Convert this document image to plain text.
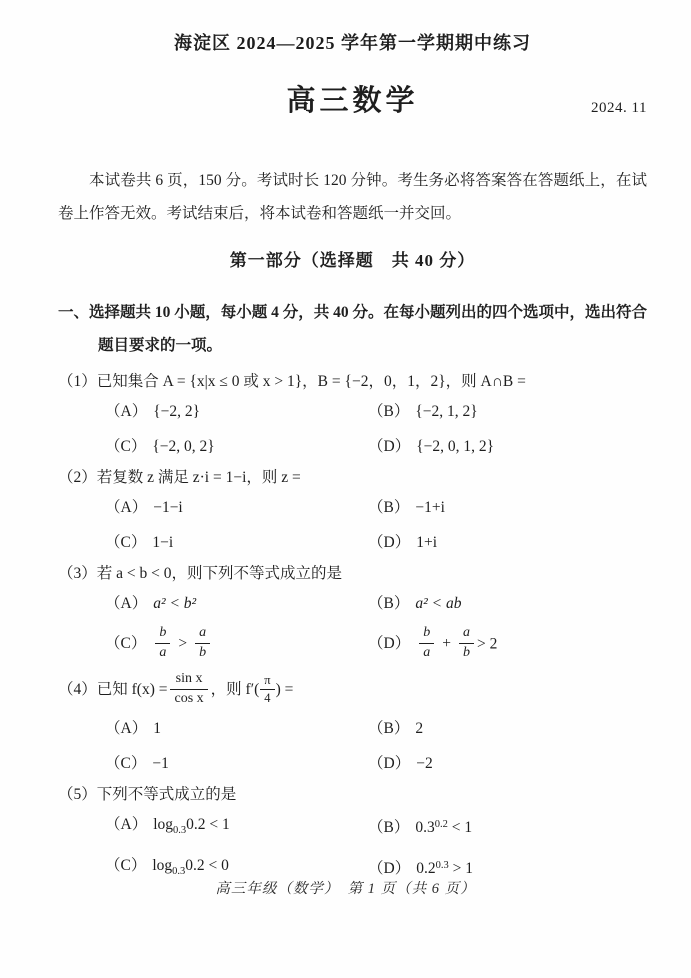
海淀区 2024—2025 学年第一学期期中练习
高三数学	2024. 11

本试卷共 6 页，150 分。考试时长 120 分钟。考生务必将答案答在答题纸上，在试卷上作答无效。考试结束后，将本试卷和答题纸一并交回。

第一部分（选择题　共 40 分）
一、选择题共 10 小题，每小题 4 分，共 40 分。在每小题列出的四个选项中，选出符合题目要求的一项。
（1）已知集合 A = {x|x ≤ 0 或 x > 1}，B = {−2，0，1，2}，则 A∩B =
（A） {−2, 2}	（B） {−2, 1, 2}
（C） {−2, 0, 2}	（D） {−2, 0, 1, 2}
（2）若复数 z 满足 z·i = 1−i，则 z =
（A） −1−i	（B） −1+i
（C） 1−i	（D） 1+i
（3）若 a < b < 0，则下列不等式成立的是
（A） a² < b²	（B） a² < ab
$(C) \frac{b}{a} > \frac{a}{b}$	$(D) \frac{b}{a} + \frac{a}{b} > 2$
（4）已知 $f(x) = \frac{\text{sin x}}{\text{cos x}}$ ，则 $f'( \frac{\pi}{4}$ ) =
（A） 1	（B） 2
（C） −1	（D） −2
（5）下列不等式成立的是
（A） $\log_{0.3}0.2 < 1$	（B） $0.3^{0.2} < 1$
（C） $\log_{0.3}0.2 < 0$	（D） $0.2^{0.3} > 1$
高三年级（数学）　第 1 页（共 6 页）
